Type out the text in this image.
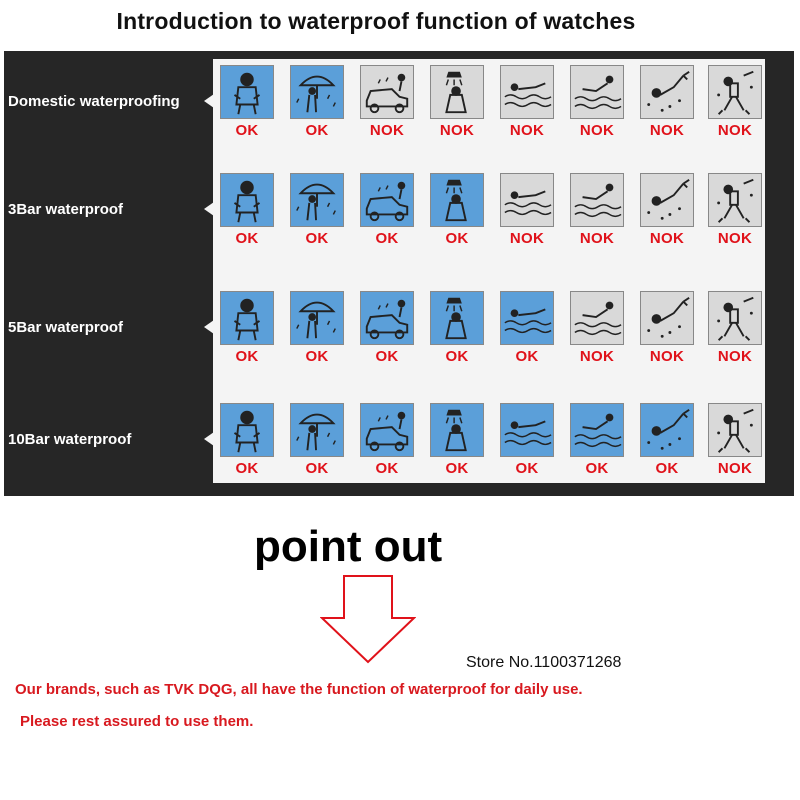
Introduction to waterproof function of watches
Domestic waterproofing
OK	OK	NOK	NOK	NOK	NOK	NOK	NOK
3Bar waterproof
OK	OK	OK	OK	NOK	NOK	NOK	NOK
5Bar waterproof
OK	OK	OK	OK	OK	NOK	NOK	NOK
10Bar waterproof
OK	OK	OK	OK	OK	OK	OK	NOK
point out
Store No.1100371268
Our brands, such as TVK DQG, all have the function of waterproof for daily use.
Please rest assured to use them.
